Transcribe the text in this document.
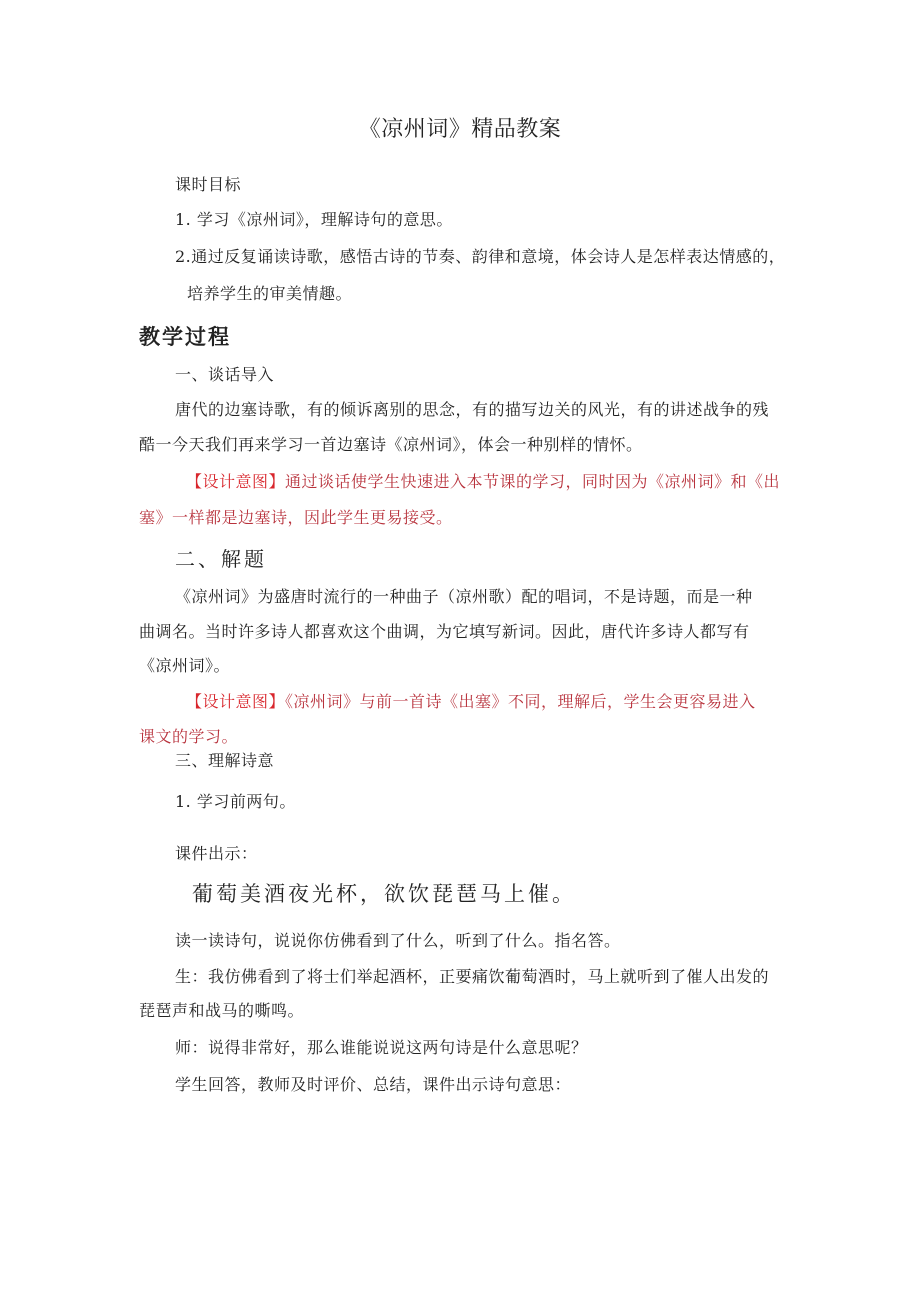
《凉州词》精品教案
课时目标
1. 学习《凉州词》，理解诗句的意思。
2.通过反复诵读诗歌，感悟古诗的节奏、韵律和意境，体会诗人是怎样表达情感的，
培养学生的审美情趣。
教学过程
一、谈话导入
唐代的边塞诗歌，有的倾诉离别的思念，有的描写边关的风光，有的讲述战争的残
酷一今天我们再来学习一首边塞诗《凉州词》，体会一种别样的情怀。
【设计意图】通过谈话使学生快速进入本节课的学习，同时因为《凉州词》和《出
塞》一样都是边塞诗，因此学生更易接受。
二、解题
《凉州词》为盛唐时流行的一种曲子（凉州歌）配的唱词，不是诗题，而是一种
曲调名。当时许多诗人都喜欢这个曲调，为它填写新词。因此，唐代许多诗人都写有
《凉州词》。
【设计意图】《凉州词》与前一首诗《出塞》不同，理解后，学生会更容易进入
课文的学习。
三、理解诗意
1. 学习前两句。
课件出示：
葡萄美酒夜光杯，欲饮琵琶马上催。
读一读诗句，说说你仿佛看到了什么，听到了什么。指名答。
生：我仿佛看到了将士们举起酒杯，正要痛饮葡萄酒时，马上就听到了催人出发的
琵琶声和战马的嘶鸣。
师：说得非常好，那么谁能说说这两句诗是什么意思呢？
学生回答，教师及时评价、总结，课件出示诗句意思：
